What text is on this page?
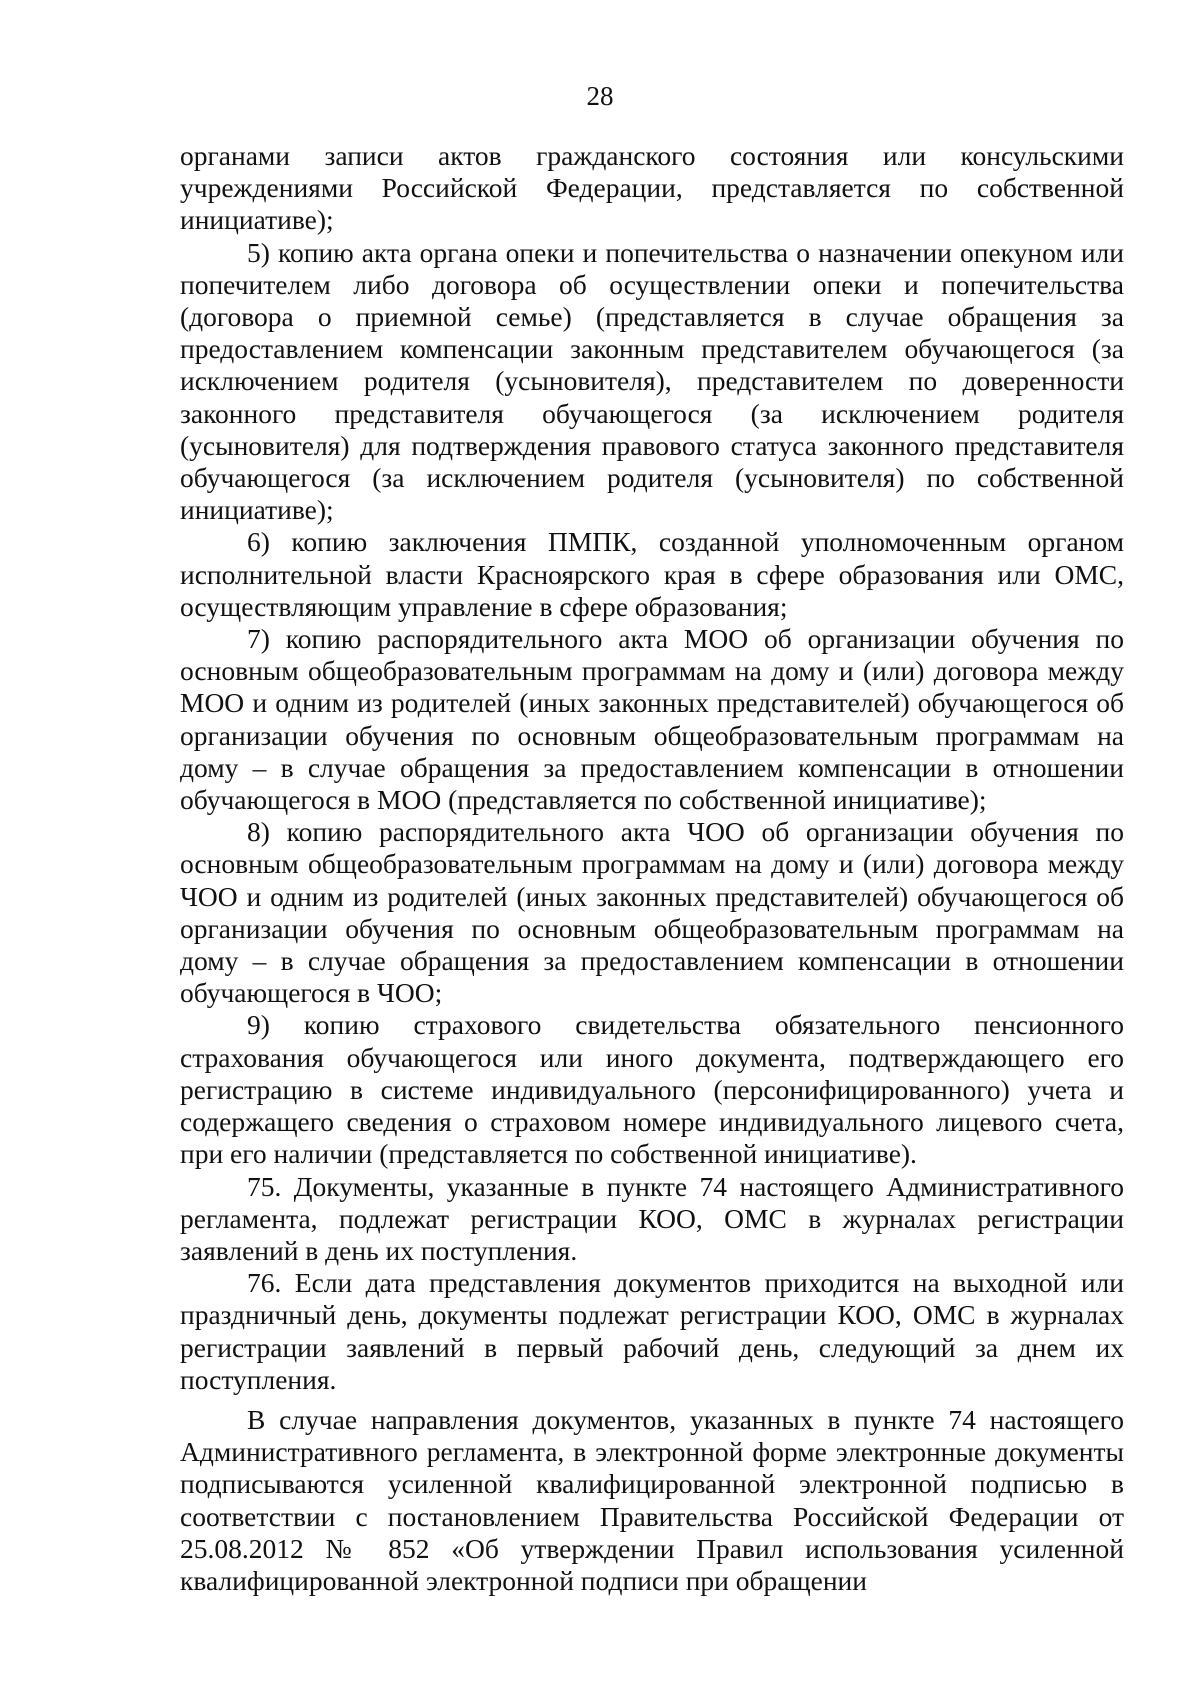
28

органами записи актов гражданского состояния или консульскими учреждениями Российской Федерации, представляется по собственной инициативе);

5) копию акта органа опеки и попечительства о назначении опекуном или попечителем либо договора об осуществлении опеки и попечительства (договора о приемной семье) (представляется в случае обращения за предоставлением компенсации законным представителем обучающегося (за исключением родителя (усыновителя), представителем по доверенности законного представителя обучающегося (за исключением родителя (усыновителя) для подтверждения правового статуса законного представителя обучающегося (за исключением родителя (усыновителя) по собственной инициативе);

6) копию заключения ПМПК, созданной уполномоченным органом исполнительной власти Красноярского края в сфере образования или ОМС, осуществляющим управление в сфере образования;

7) копию распорядительного акта МОО об организации обучения по основным общеобразовательным программам на дому и (или) договора между МОО и одним из родителей (иных законных представителей) обучающегося об организации обучения по основным общеобразовательным программам на дому – в случае обращения за предоставлением компенсации в отношении обучающегося в МОО (представляется по собственной инициативе);

8) копию распорядительного акта ЧОО об организации обучения по основным общеобразовательным программам на дому и (или) договора между ЧОО и одним из родителей (иных законных представителей) обучающегося об организации обучения по основным общеобразовательным программам на дому – в случае обращения за предоставлением компенсации в отношении обучающегося в ЧОО;

9) копию страхового свидетельства обязательного пенсионного страхования обучающегося или иного документа, подтверждающего его регистрацию в системе индивидуального (персонифицированного) учета и содержащего сведения о страховом номере индивидуального лицевого счета, при его наличии (представляется по собственной инициативе).

75. Документы, указанные в пункте 74 настоящего Административного регламента, подлежат регистрации КОО, ОМС в журналах регистрации заявлений в день их поступления.

76. Если дата представления документов приходится на выходной или праздничный день, документы подлежат регистрации КОО, ОМС в журналах регистрации заявлений в первый рабочий день, следующий за днем их поступления.

В случае направления документов, указанных в пункте 74 настоящего Административного регламента, в электронной форме электронные документы подписываются усиленной квалифицированной электронной подписью в соответствии с постановлением Правительства Российской Федерации от 25.08.2012 № 852 «Об утверждении Правил использования усиленной квалифицированной электронной подписи при обращении
